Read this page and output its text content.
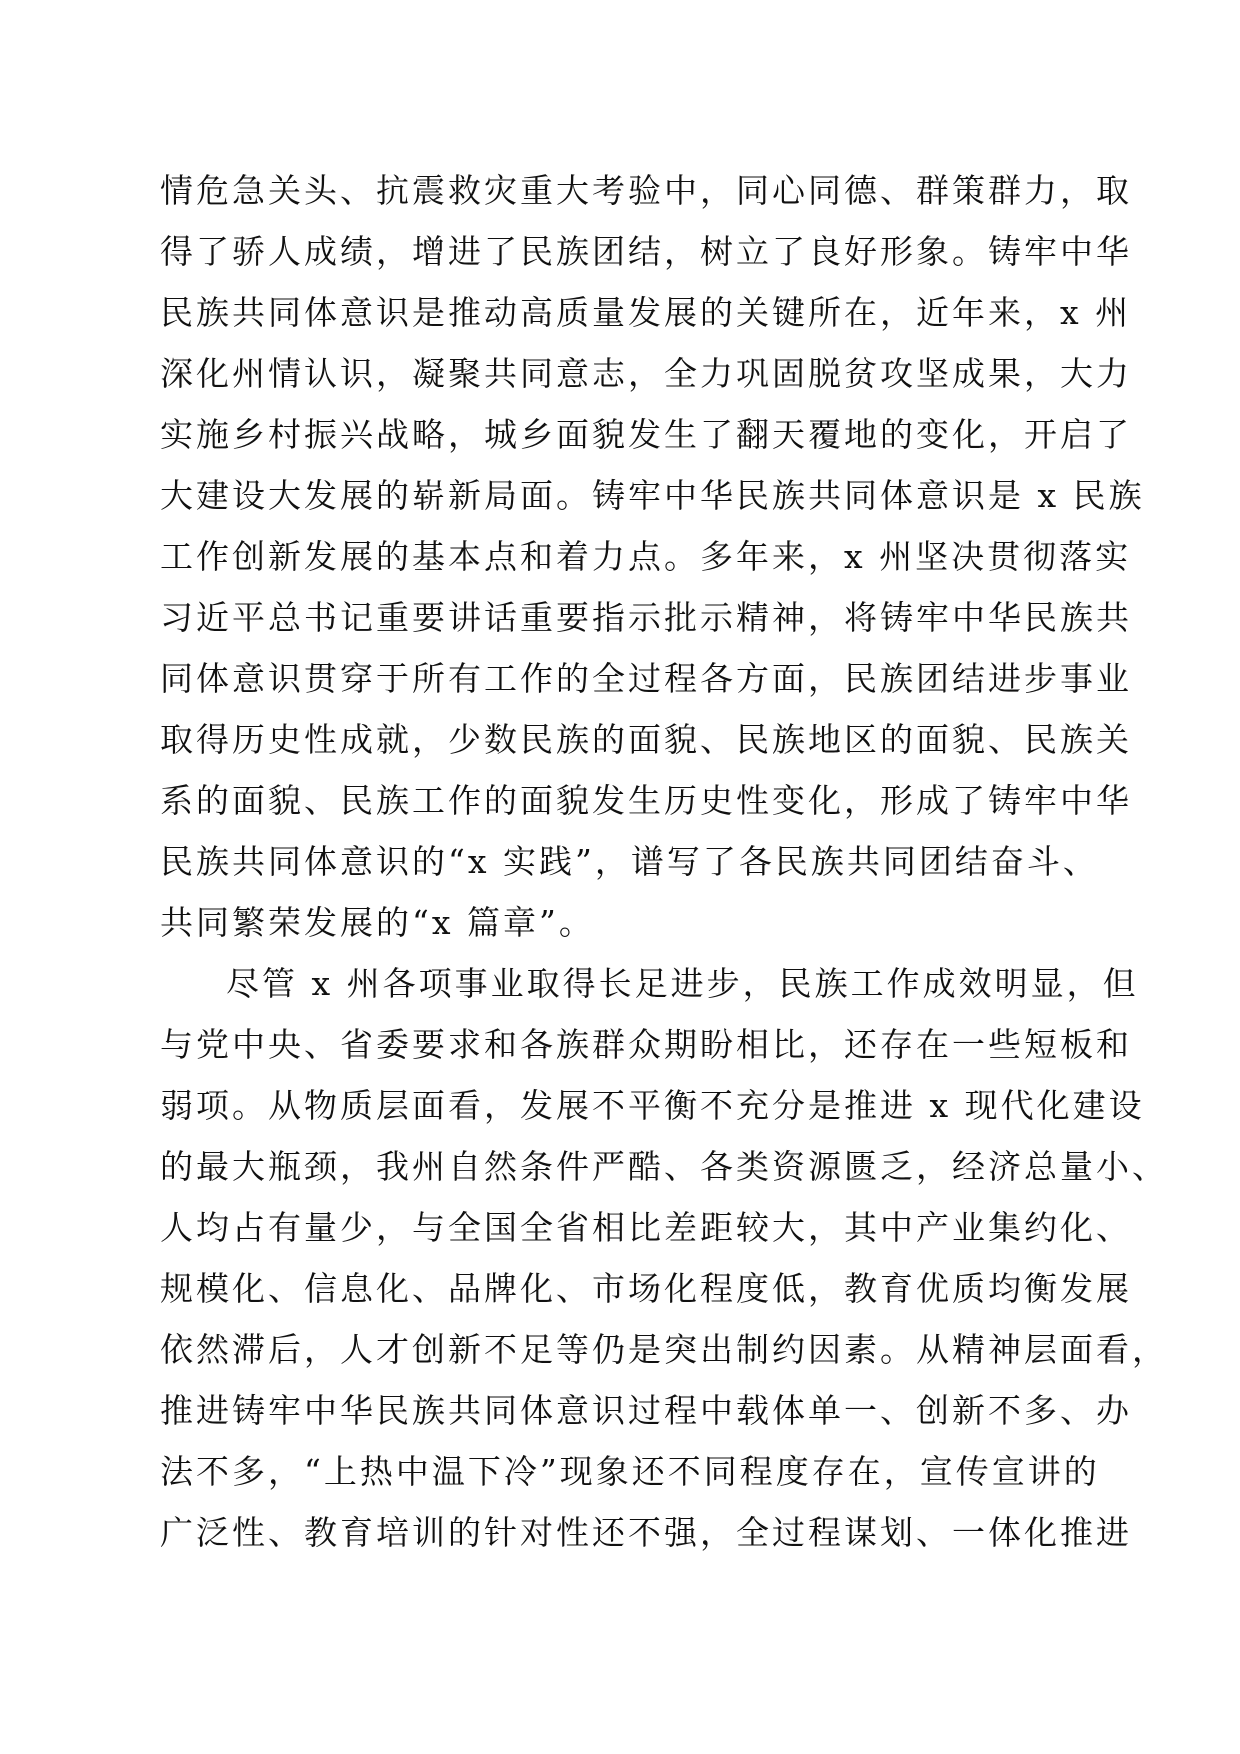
情危急关头、抗震救灾重大考验中，同心同德、群策群力，取

得了骄人成绩，增进了民族团结，树立了良好形象。铸牢中华

民族共同体意识是推动高质量发展的关键所在，近年来，x 州

深化州情认识，凝聚共同意志，全力巩固脱贫攻坚成果，大力

实施乡村振兴战略，城乡面貌发生了翻天覆地的变化，开启了

大建设大发展的崭新局面。铸牢中华民族共同体意识是 x 民族

工作创新发展的基本点和着力点。多年来，x 州坚决贯彻落实

习近平总书记重要讲话重要指示批示精神，将铸牢中华民族共

同体意识贯穿于所有工作的全过程各方面，民族团结进步事业

取得历史性成就，少数民族的面貌、民族地区的面貌、民族关

系的面貌、民族工作的面貌发生历史性变化，形成了铸牢中华

民族共同体意识的“x 实践”，谱写了各民族共同团结奋斗、

共同繁荣发展的“x 篇章”。

尽管 x 州各项事业取得长足进步，民族工作成效明显，但

与党中央、省委要求和各族群众期盼相比，还存在一些短板和

弱项。从物质层面看，发展不平衡不充分是推进 x 现代化建设

的最大瓶颈，我州自然条件严酷、各类资源匮乏，经济总量小、

人均占有量少，与全国全省相比差距较大，其中产业集约化、

规模化、信息化、品牌化、市场化程度低，教育优质均衡发展

依然滞后，人才创新不足等仍是突出制约因素。从精神层面看，

推进铸牢中华民族共同体意识过程中载体单一、创新不多、办

法不多，“上热中温下冷”现象还不同程度存在，宣传宣讲的

广泛性、教育培训的针对性还不强，全过程谋划、一体化推进
